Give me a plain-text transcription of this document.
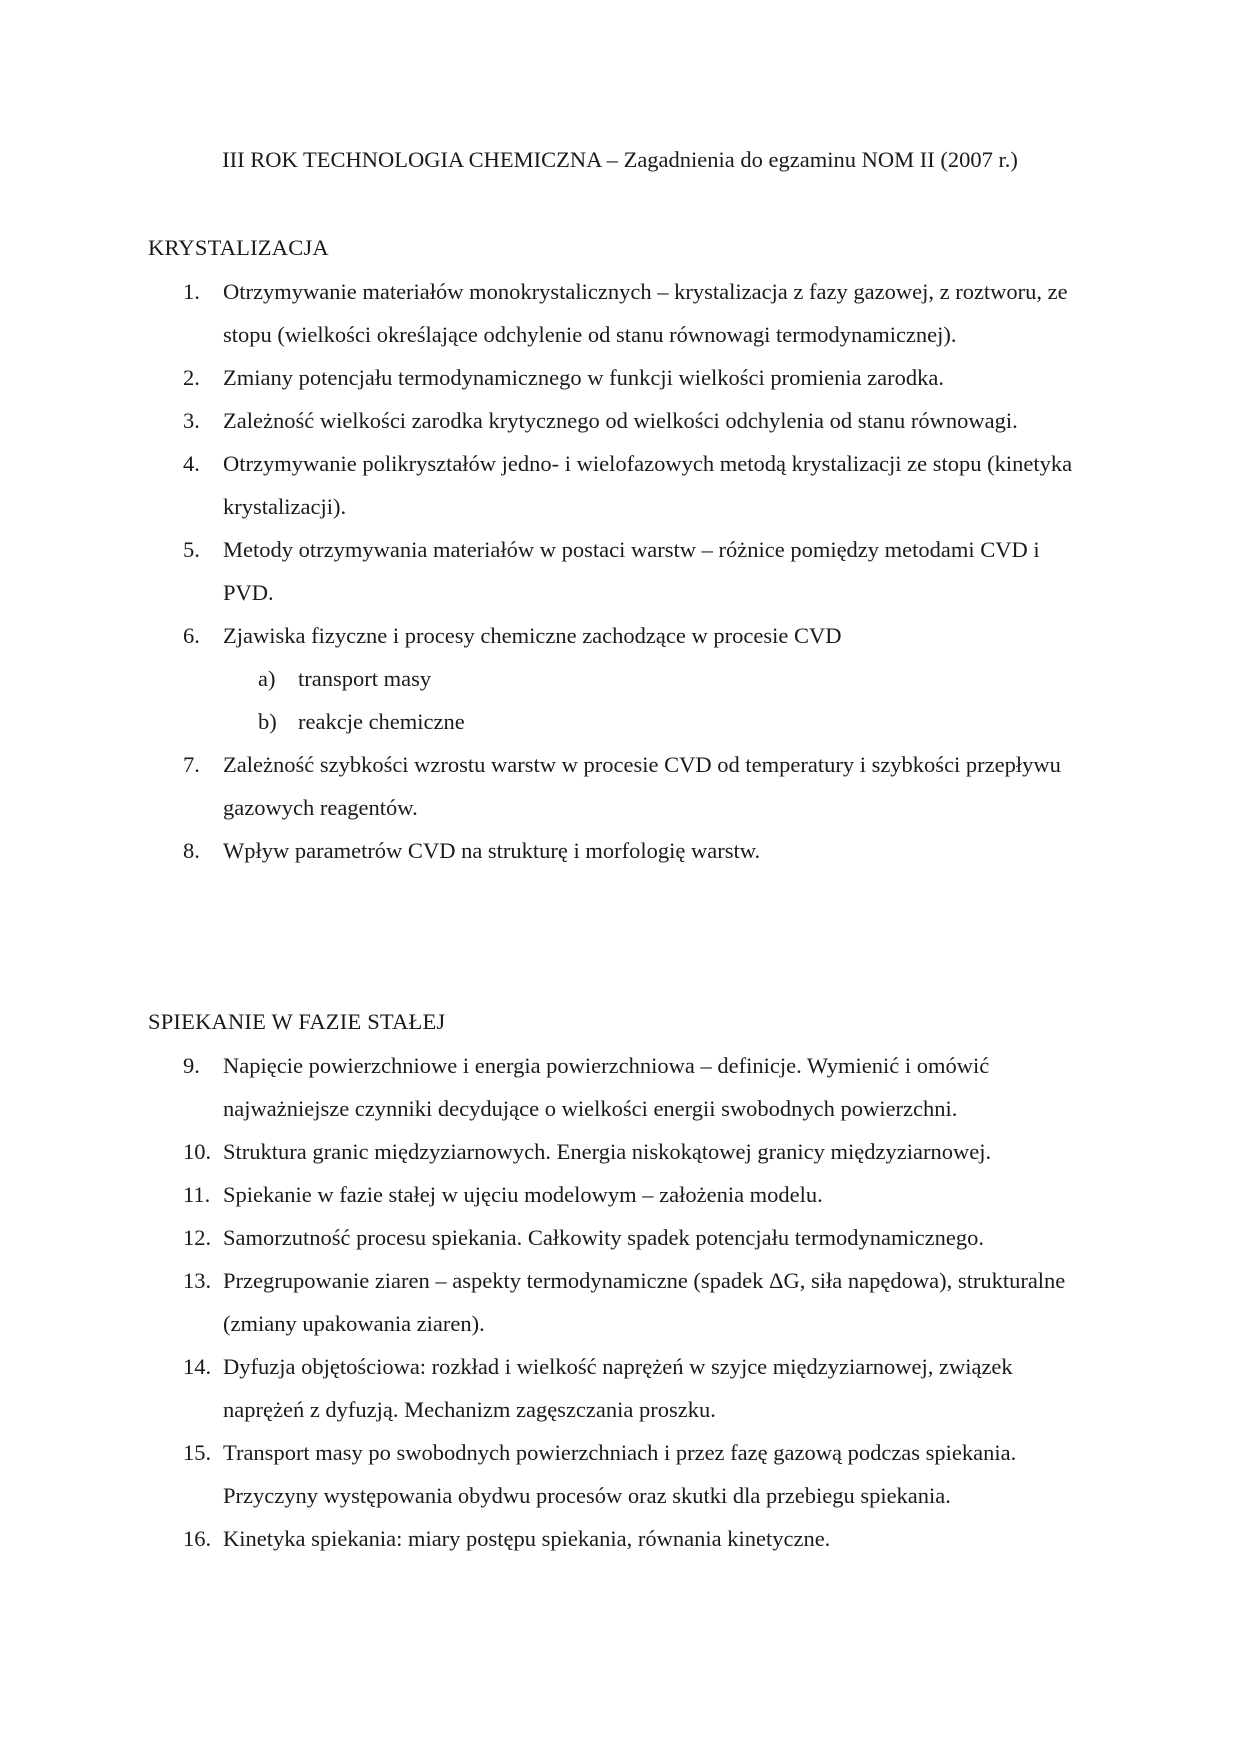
III ROK TECHNOLOGIA CHEMICZNA – Zagadnienia do egzaminu NOM II (2007 r.)
KRYSTALIZACJA
1.	Otrzymywanie materiałów monokrystalicznych – krystalizacja z fazy gazowej, z roztworu, ze stopu (wielkości określające odchylenie od stanu równowagi termodynamicznej).
2.	Zmiany potencjału termodynamicznego w funkcji wielkości promienia zarodka.
3.	Zależność wielkości zarodka krytycznego od wielkości odchylenia od stanu równowagi.
4.	Otrzymywanie polikryształów jedno- i wielofazowych metodą krystalizacji ze stopu (kinetyka krystalizacji).
5.	Metody otrzymywania materiałów w postaci warstw – różnice pomiędzy metodami CVD i PVD.
6.	Zjawiska fizyczne i procesy chemiczne zachodzące w procesie CVD
a) transport masy
b) reakcje chemiczne
7.	Zależność szybkości wzrostu warstw w procesie CVD od temperatury i szybkości przepływu gazowych reagentów.
8.	Wpływ parametrów CVD na strukturę i morfologię warstw.
SPIEKANIE W FAZIE STAŁEJ
9.	Napięcie powierzchniowe i energia powierzchniowa – definicje. Wymienić i omówić najważniejsze czynniki decydujące o wielkości energii swobodnych powierzchni.
10. Struktura granic międzyziarnowych. Energia niskokątowej granicy międzyziarnowej.
11. Spiekanie w fazie stałej w ujęciu modelowym – założenia modelu.
12. Samorzutność procesu spiekania. Całkowity spadek potencjału termodynamicznego.
13. Przegrupowanie ziaren – aspekty termodynamiczne (spadek ΔG, siła napędowa), strukturalne (zmiany upakowania ziaren).
14. Dyfuzja objętościowa: rozkład i wielkość naprężeń w szyjce międzyziarnowej, związek naprężeń z dyfuzją. Mechanizm zagęszczania proszku.
15. Transport masy po swobodnych powierzchniach i przez fazę gazową podczas spiekania. Przyczyny występowania obydwu procesów oraz skutki dla przebiegu spiekania.
16. Kinetyka spiekania: miary postępu spiekania, równania kinetyczne.
